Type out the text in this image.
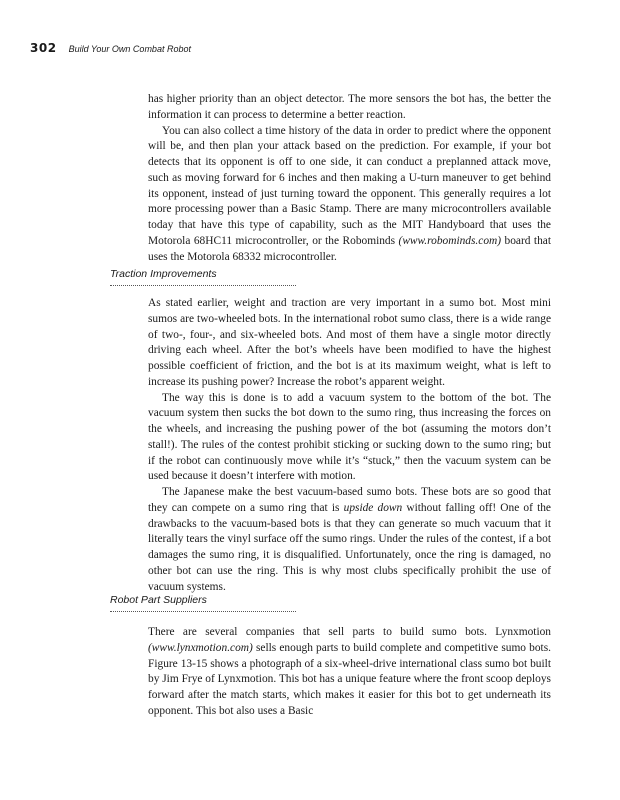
302 Build Your Own Combat Robot

has higher priority than an object detector. The more sensors the bot has, the better the information it can process to determine a better reaction.

You can also collect a time history of the data in order to predict where the opponent will be, and then plan your attack based on the prediction. For example, if your bot detects that its opponent is off to one side, it can conduct a preplanned attack move, such as moving forward for 6 inches and then making a U-turn maneuver to get behind its opponent, instead of just turning toward the opponent. This generally requires a lot more processing power than a Basic Stamp. There are many microcontrollers available today that have this type of capability, such as the MIT Handyboard that uses the Motorola 68HC11 microcontroller, or the Robominds (www.robominds.com) board that uses the Motorola 68332 microcontroller.

Traction Improvements

As stated earlier, weight and traction are very important in a sumo bot. Most mini sumos are two-wheeled bots. In the international robot sumo class, there is a wide range of two-, four-, and six-wheeled bots. And most of them have a single motor directly driving each wheel. After the bot’s wheels have been modified to have the highest possible coefficient of friction, and the bot is at its maximum weight, what is left to increase its pushing power? Increase the robot’s apparent weight.

The way this is done is to add a vacuum system to the bottom of the bot. The vacuum system then sucks the bot down to the sumo ring, thus increasing the forces on the wheels, and increasing the pushing power of the bot (assuming the motors don’t stall!). The rules of the contest prohibit sticking or sucking down to the sumo ring; but if the robot can continuously move while it’s “stuck,” then the vacuum system can be used because it doesn’t interfere with motion.

The Japanese make the best vacuum-based sumo bots. These bots are so good that they can compete on a sumo ring that is upside down without falling off! One of the drawbacks to the vacuum-based bots is that they can generate so much vacuum that it literally tears the vinyl surface off the sumo rings. Under the rules of the contest, if a bot damages the sumo ring, it is disqualified. Unfortunately, once the ring is damaged, no other bot can use the ring. This is why most clubs specifically prohibit the use of vacuum systems.

Robot Part Suppliers

There are several companies that sell parts to build sumo bots. Lynxmotion (www.lynxmotion.com) sells enough parts to build complete and competitive sumo bots. Figure 13-15 shows a photograph of a six-wheel-drive international class sumo bot built by Jim Frye of Lynxmotion. This bot has a unique feature where the front scoop deploys forward after the match starts, which makes it easier for this bot to get underneath its opponent. This bot also uses a Basic
